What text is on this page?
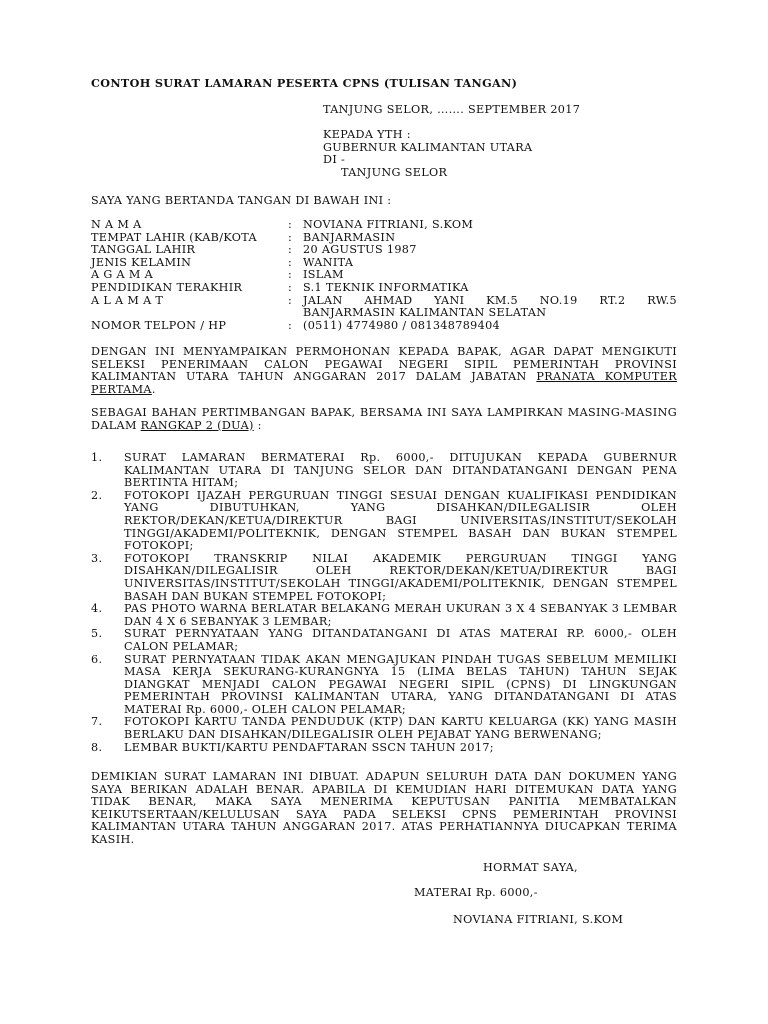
CONTOH SURAT LAMARAN PESERTA CPNS (TULISAN TANGAN)
TANJUNG SELOR, ……. SEPTEMBER 2017
KEPADA YTH :
GUBERNUR KALIMANTAN UTARA
DI -
TANJUNG SELOR
SAYA YANG BERTANDA TANGAN DI BAWAH INI :
N A M A	: NOVIANA FITRIANI, S.KOM
TEMPAT LAHIR (KAB/KOTA	: BANJARMASIN
TANGGAL LAHIR	: 20 AGUSTUS 1987
JENIS KELAMIN	: WANITA
A G A M A	: ISLAM
PENDIDIKAN TERAKHIR	: S.1 TEKNIK INFORMATIKA
A L A M A T	: JALAN AHMAD YANI KM.5 NO.19 RT.2 RW.5
BANJARMASIN KALIMANTAN SELATAN
NOMOR TELPON / HP	: (0511) 4774980 / 081348789404
DENGAN INI MENYAMPAIKAN PERMOHONAN KEPADA BAPAK, AGAR DAPAT MENGIKUTI SELEKSI PENERIMAAN CALON PEGAWAI NEGERI SIPIL PEMERINTAH PROVINSI KALIMANTAN UTARA TAHUN ANGGARAN 2017 DALAM JABATAN PRANATA KOMPUTER PERTAMA.
SEBAGAI BAHAN PERTIMBANGAN BAPAK, BERSAMA INI SAYA LAMPIRKAN MASING-MASING DALAM RANGKAP 2 (DUA) :
1.	SURAT LAMARAN BERMATERAI Rp. 6000,- DITUJUKAN KEPADA GUBERNUR KALIMANTAN UTARA DI TANJUNG SELOR DAN DITANDATANGANI DENGAN PENA BERTINTA HITAM;
2.	FOTOKOPI IJAZAH PERGURUAN TINGGI SESUAI DENGAN KUALIFIKASI PENDIDIKAN YANG DIBUTUHKAN, YANG DISAHKAN/DILEGALISIR OLEH REKTOR/DEKAN/KETUA/DIREKTUR BAGI UNIVERSITAS/INSTITUT/SEKOLAH TINGGI/AKADEMI/POLITEKNIK, DENGAN STEMPEL BASAH DAN BUKAN STEMPEL FOTOKOPI;
3.	FOTOKOPI TRANSKRIP NILAI AKADEMIK PERGURUAN TINGGI YANG DISAHKAN/DILEGALISIR OLEH REKTOR/DEKAN/KETUA/DIREKTUR BAGI UNIVERSITAS/INSTITUT/SEKOLAH TINGGI/AKADEMI/POLITEKNIK, DENGAN STEMPEL BASAH DAN BUKAN STEMPEL FOTOKOPI;
4.	PAS PHOTO WARNA BERLATAR BELAKANG MERAH UKURAN 3 X 4 SEBANYAK 3 LEMBAR DAN 4 X 6 SEBANYAK 3 LEMBAR;
5.	SURAT PERNYATAAN YANG DITANDATANGANI DI ATAS MATERAI RP. 6000,- OLEH CALON PELAMAR;
6.	SURAT PERNYATAAN TIDAK AKAN MENGAJUKAN PINDAH TUGAS SEBELUM MEMILIKI MASA KERJA SEKURANG-KURANGNYA 15 (LIMA BELAS TAHUN) TAHUN SEJAK DIANGKAT MENJADI CALON PEGAWAI NEGERI SIPIL (CPNS) DI LINGKUNGAN PEMERINTAH PROVINSI KALIMANTAN UTARA, YANG DITANDATANGANI DI ATAS MATERAI Rp. 6000,- OLEH CALON PELAMAR;
7.	FOTOKOPI KARTU TANDA PENDUDUK (KTP) DAN KARTU KELUARGA (KK) YANG MASIH BERLAKU DAN DISAHKAN/DILEGALISIR OLEH PEJABAT YANG BERWENANG;
8.	LEMBAR BUKTI/KARTU PENDAFTARAN SSCN TAHUN 2017;
DEMIKIAN SURAT LAMARAN INI DIBUAT. ADAPUN SELURUH DATA DAN DOKUMEN YANG SAYA BERIKAN ADALAH BENAR. APABILA DI KEMUDIAN HARI DITEMUKAN DATA YANG TIDAK BENAR, MAKA SAYA MENERIMA KEPUTUSAN PANITIA MEMBATALKAN KEIKUTSERTAAN/KELULUSAN SAYA PADA SELEKSI CPNS PEMERINTAH PROVINSI KALIMANTAN UTARA TAHUN ANGGARAN 2017. ATAS PERHATIANNYA DIUCAPKAN TERIMA KASIH.
HORMAT SAYA,
MATERAI Rp. 6000,-
NOVIANA FITRIANI, S.KOM
